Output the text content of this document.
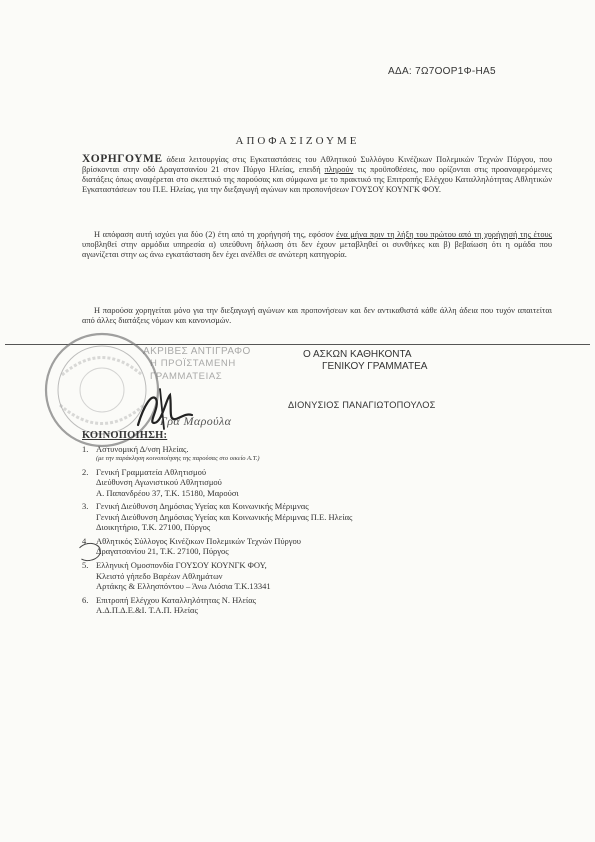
ΑΔΑ: 7Ω7ΟΟΡ1Φ-ΗΑ5
ΑΠΟΦΑΣΙΖΟΥΜΕ
ΧΟΡΗΓΟΥΜΕ άδεια λειτουργίας στις Εγκαταστάσεις του Αθλητικού Συλλόγου Κινέζικων Πολεμικών Τεχνών Πύργου, που βρίσκονται στην οδό Δραγατσανίου 21 στον Πύργο Ηλείας, επειδή πληρούν τις προϋποθέσεις, που ορίζονται στις προαναφερόμενες διατάξεις όπως αναφέρεται στο σκεπτικό της παρούσας και σύμφωνα με το πρακτικό της Επιτροπής Ελέγχου Καταλληλότητας Αθλητικών Εγκαταστάσεων του Π.Ε. Ηλείας, για την διεξαγωγή αγώνων και προπονήσεων ΓΟΥΣΟΥ ΚΟΥΝΓΚ ΦΟΥ.
Η απόφαση αυτή ισχύει για δύο (2) έτη από τη χορήγησή της, εφόσον ένα μήνα πριν τη λήξη του πρώτου από τη χορήγησή της έτους υποβληθεί στην αρμόδια υπηρεσία α) υπεύθυνη δήλωση ότι δεν έχουν μεταβληθεί οι συνθήκες και β) βεβαίωση ότι η ομάδα που αγωνίζεται στην ως άνω εγκατάσταση δεν έχει ανέλθει σε ανώτερη κατηγορία.
Η παρούσα χορηγείται μόνο για την διεξαγωγή αγώνων και προπονήσεων και δεν αντικαθιστά κάθε άλλη άδεια που τυχόν απαιτείται από άλλες διατάξεις νόμων και κανονισμών.
ΑΚΡΙΒΕΣ ΑΝΤΙΓΡΑΦΟ
Η ΠΡΟΪΣΤΑΜΕΝΗ
ΓΡΑΜΜΑΤΕΙΑΣ
Ο ΑΣΚΩΝ ΚΑΘΗΚΟΝΤΑ
ΓΕΝΙΚΟΥ ΓΡΑΜΜΑΤΕΑ
ΔΙΟΝΥΣΙΟΣ ΠΑΝΑΓΙΩΤΟΠΟΥΛΟΣ
Γρα Μαρούλα
ΚΟΙΝΟΠΟΙΗΣΗ:
1. Αστυνομική Δ/νση Ηλείας.
(με την παράκληση κοινοποίησης της παρούσας στο οικείο Α.Τ.)
2. Γενική Γραμματεία Αθλητισμού
Διεύθυνση Αγωνιστικού Αθλητισμού
Α. Παπανδρέου 37, Τ.Κ. 15180, Μαρούσι
3. Γενική Διεύθυνση Δημόσιας Υγείας και Κοινωνικής Μέριμνας
Γενική Διεύθυνση Δημόσιας Υγείας και Κοινωνικής Μέριμνας Π.Ε. Ηλείας
Διοικητήριο, Τ.Κ. 27100, Πύργος
4. Αθλητικός Σύλλογος Κινέζικων Πολεμικών Τεχνών Πύργου
Δραγατσανίου 21, Τ.Κ. 27100, Πύργος
5. Ελληνική Ομοσπονδία ΓΟΥΣΟΥ ΚΟΥΝΓΚ ΦΟΥ,
Κλειστό γήπεδο Βαρέων Αθλημάτων
Αρτάκης & Ελλησπόντου – Άνω Λιόσια Τ.Κ.13341
6. Επιτροπή Ελέγχου Καταλληλότητας Ν. Ηλείας
Α.Δ.Π.Δ.Ε.&Ι. Τ.Α.Π. Ηλείας
